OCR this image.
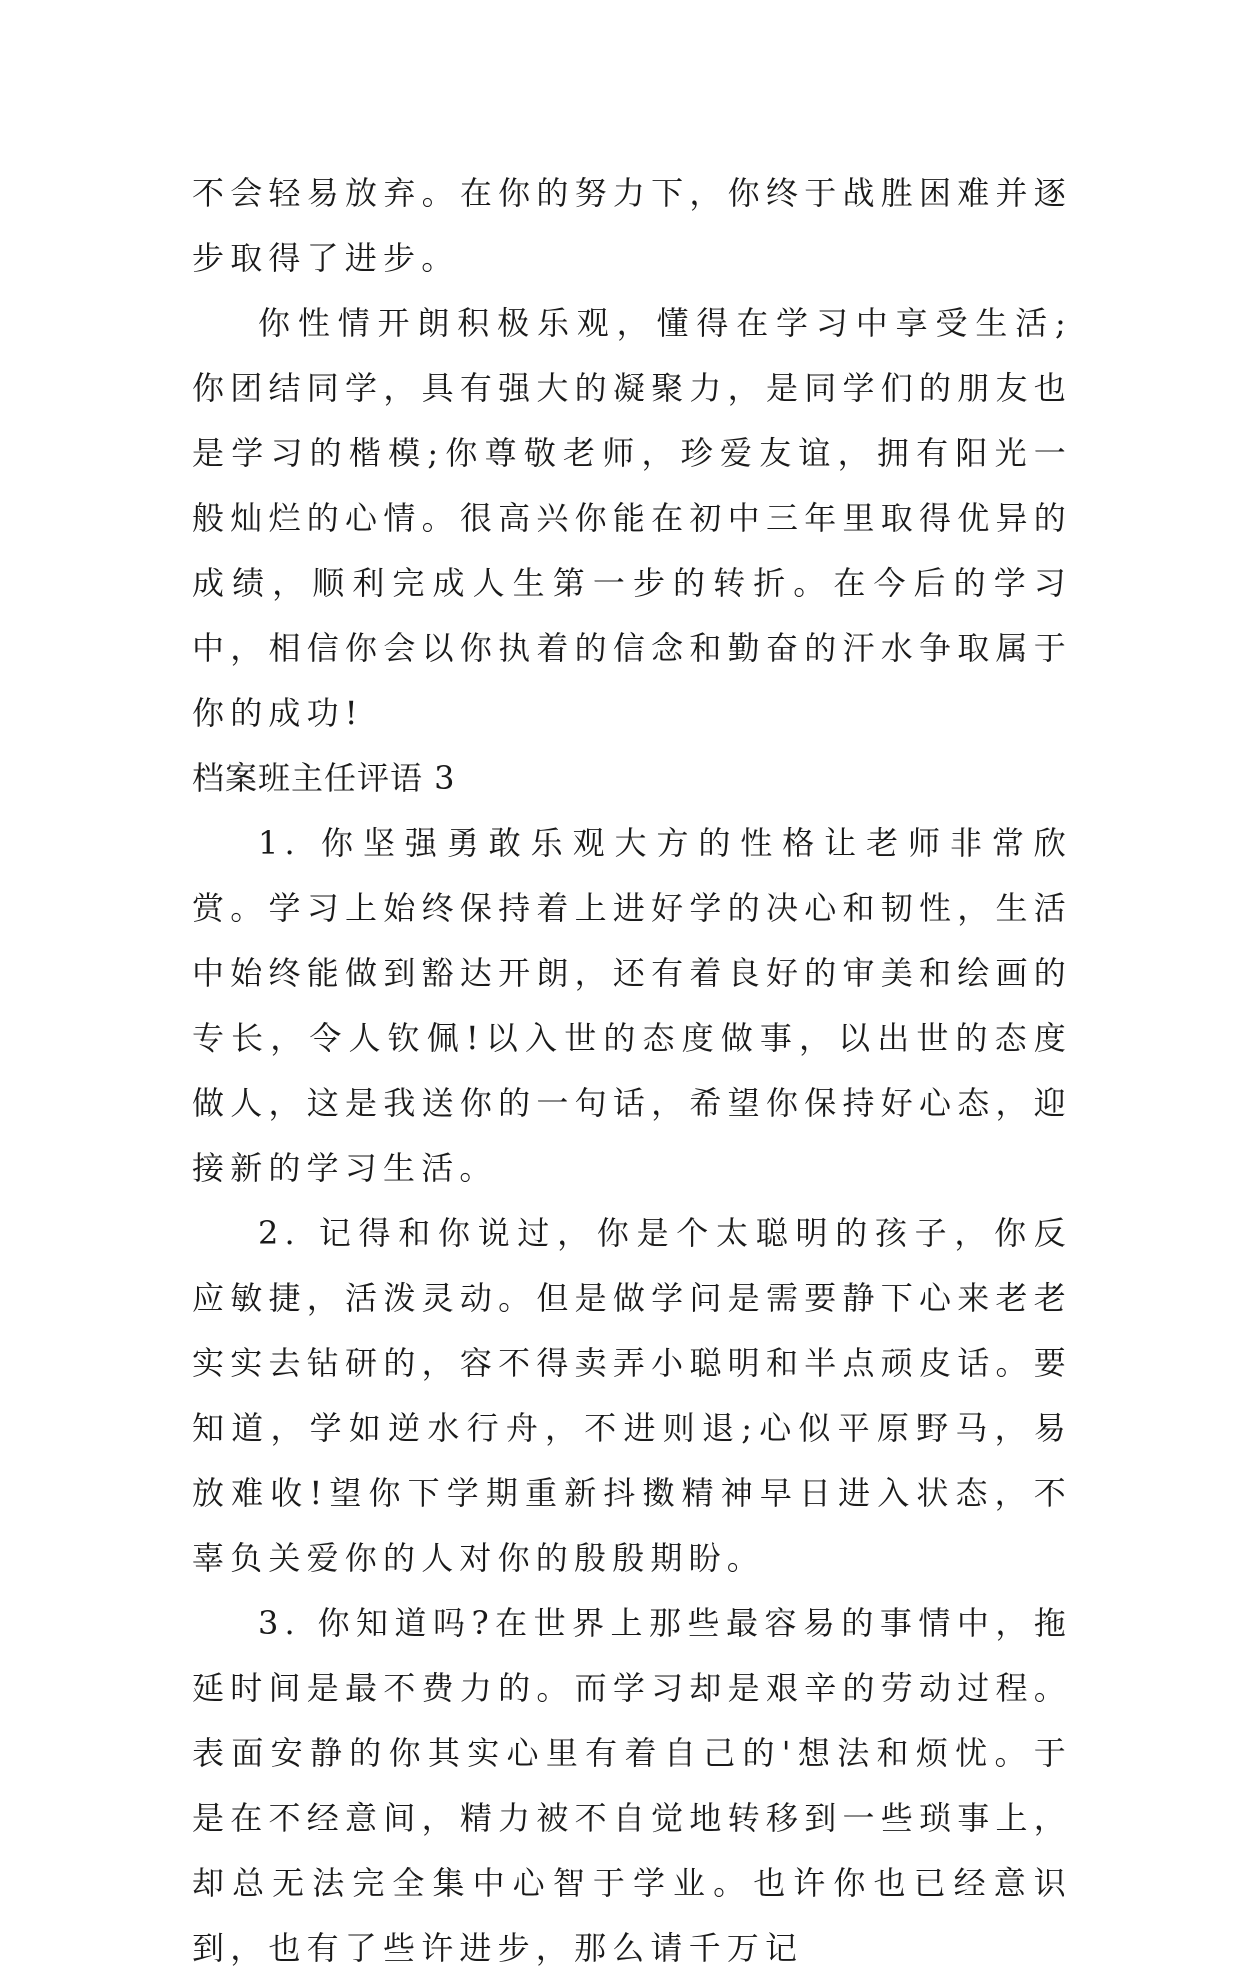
不会轻易放弃。在你的努力下，你终于战胜困难并逐步取得了进步。

你性情开朗积极乐观，懂得在学习中享受生活;你团结同学，具有强大的凝聚力，是同学们的朋友也是学习的楷模;你尊敬老师，珍爱友谊，拥有阳光一般灿烂的心情。很高兴你能在初中三年里取得优异的成绩，顺利完成人生第一步的转折。在今后的学习中，相信你会以你执着的信念和勤奋的汗水争取属于你的成功!

档案班主任评语 3

1. 你坚强勇敢乐观大方的性格让老师非常欣赏。学习上始终保持着上进好学的决心和韧性，生活中始终能做到豁达开朗，还有着良好的审美和绘画的专长，令人钦佩!以入世的态度做事，以出世的态度做人，这是我送你的一句话，希望你保持好心态，迎接新的学习生活。

2. 记得和你说过，你是个太聪明的孩子，你反应敏捷，活泼灵动。但是做学问是需要静下心来老老实实去钻研的，容不得卖弄小聪明和半点顽皮话。要知道，学如逆水行舟，不进则退;心似平原野马，易放难收!望你下学期重新抖擞精神早日进入状态，不辜负关爱你的人对你的殷殷期盼。

3. 你知道吗?在世界上那些最容易的事情中，拖延时间是最不费力的。而学习却是艰辛的劳动过程。表面安静的你其实心里有着自己的'想法和烦忧。于是在不经意间，精力被不自觉地转移到一些琐事上，却总无法完全集中心智于学业。也许你也已经意识到，也有了些许进步，那么请千万记
